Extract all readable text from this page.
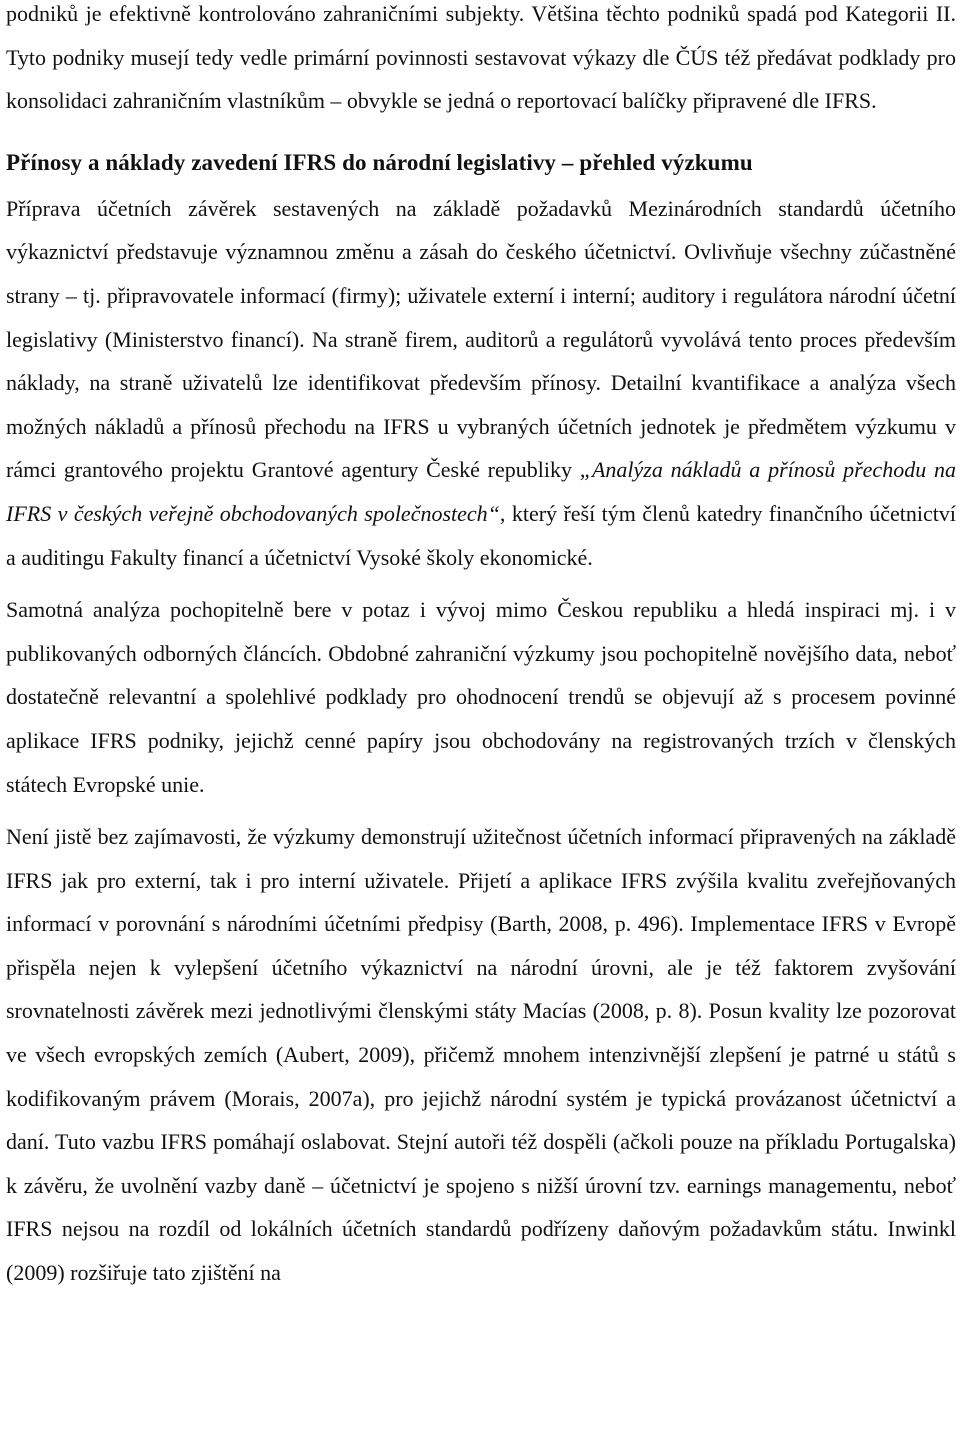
podniků je efektivně kontrolováno zahraničními subjekty. Většina těchto podniků spadá pod Kategorii II. Tyto podniky musejí tedy vedle primární povinnosti sestavovat výkazy dle ČÚS též předávat podklady pro konsolidaci zahraničním vlastníkům – obvykle se jedná o reportovací balíčky připravené dle IFRS.

Přínosy a náklady zavedení IFRS do národní legislativy – přehled výzkumu

Příprava účetních závěrek sestavených na základě požadavků Mezinárodních standardů účetního výkaznictví představuje významnou změnu a zásah do českého účetnictví. Ovlivňuje všechny zúčastněné strany – tj. připravovatele informací (firmy); uživatele externí i interní; auditory i regulátora národní účetní legislativy (Ministerstvo financí). Na straně firem, auditorů a regulátorů vyvolává tento proces především náklady, na straně uživatelů lze identifikovat především přínosy. Detailní kvantifikace a analýza všech možných nákladů a přínosů přechodu na IFRS u vybraných účetních jednotek je předmětem výzkumu v rámci grantového projektu Grantové agentury České republiky „Analýza nákladů a přínosů přechodu na IFRS v českých veřejně obchodovaných společnostech“, který řeší tým členů katedry finančního účetnictví a auditingu Fakulty financí a účetnictví Vysoké školy ekonomické.

Samotná analýza pochopitelně bere v potaz i vývoj mimo Českou republiku a hledá inspiraci mj. i v publikovaných odborných článcích. Obdobné zahraniční výzkumy jsou pochopitelně novějšího data, neboť dostatečně relevantní a spolehlivé podklady pro ohodnocení trendů se objevují až s procesem povinné aplikace IFRS podniky, jejichž cenné papíry jsou obchodovány na registrovaných trzích v členských státech Evropské unie.

Není jistě bez zajímavosti, že výzkumy demonstrují užitečnost účetních informací připravených na základě IFRS jak pro externí, tak i pro interní uživatele. Přijetí a aplikace IFRS zvýšila kvalitu zveřejňovaných informací v porovnání s národními účetními předpisy (Barth, 2008, p. 496). Implementace IFRS v Evropě přispěla nejen k vylepšení účetního výkaznictví na národní úrovni, ale je též faktorem zvyšování srovnatelnosti závěrek mezi jednotlivými členskými státy Macías (2008, p. 8). Posun kvality lze pozorovat ve všech evropských zemích (Aubert, 2009), přičemž mnohem intenzivnější zlepšení je patrné u států s kodifikovaným právem (Morais, 2007a), pro jejichž národní systém je typická provázanost účetnictví a daní. Tuto vazbu IFRS pomáhají oslabovat. Stejní autoři též dospěli (ačkoli pouze na příkladu Portugalska) k závěru, že uvolnění vazby daně – účetnictví je spojeno s nižší úrovní tzv. earnings managementu, neboť IFRS nejsou na rozdíl od lokálních účetních standardů podřízeny daňovým požadavkům státu. Inwinkl (2009) rozšiřuje tato zjištění na
